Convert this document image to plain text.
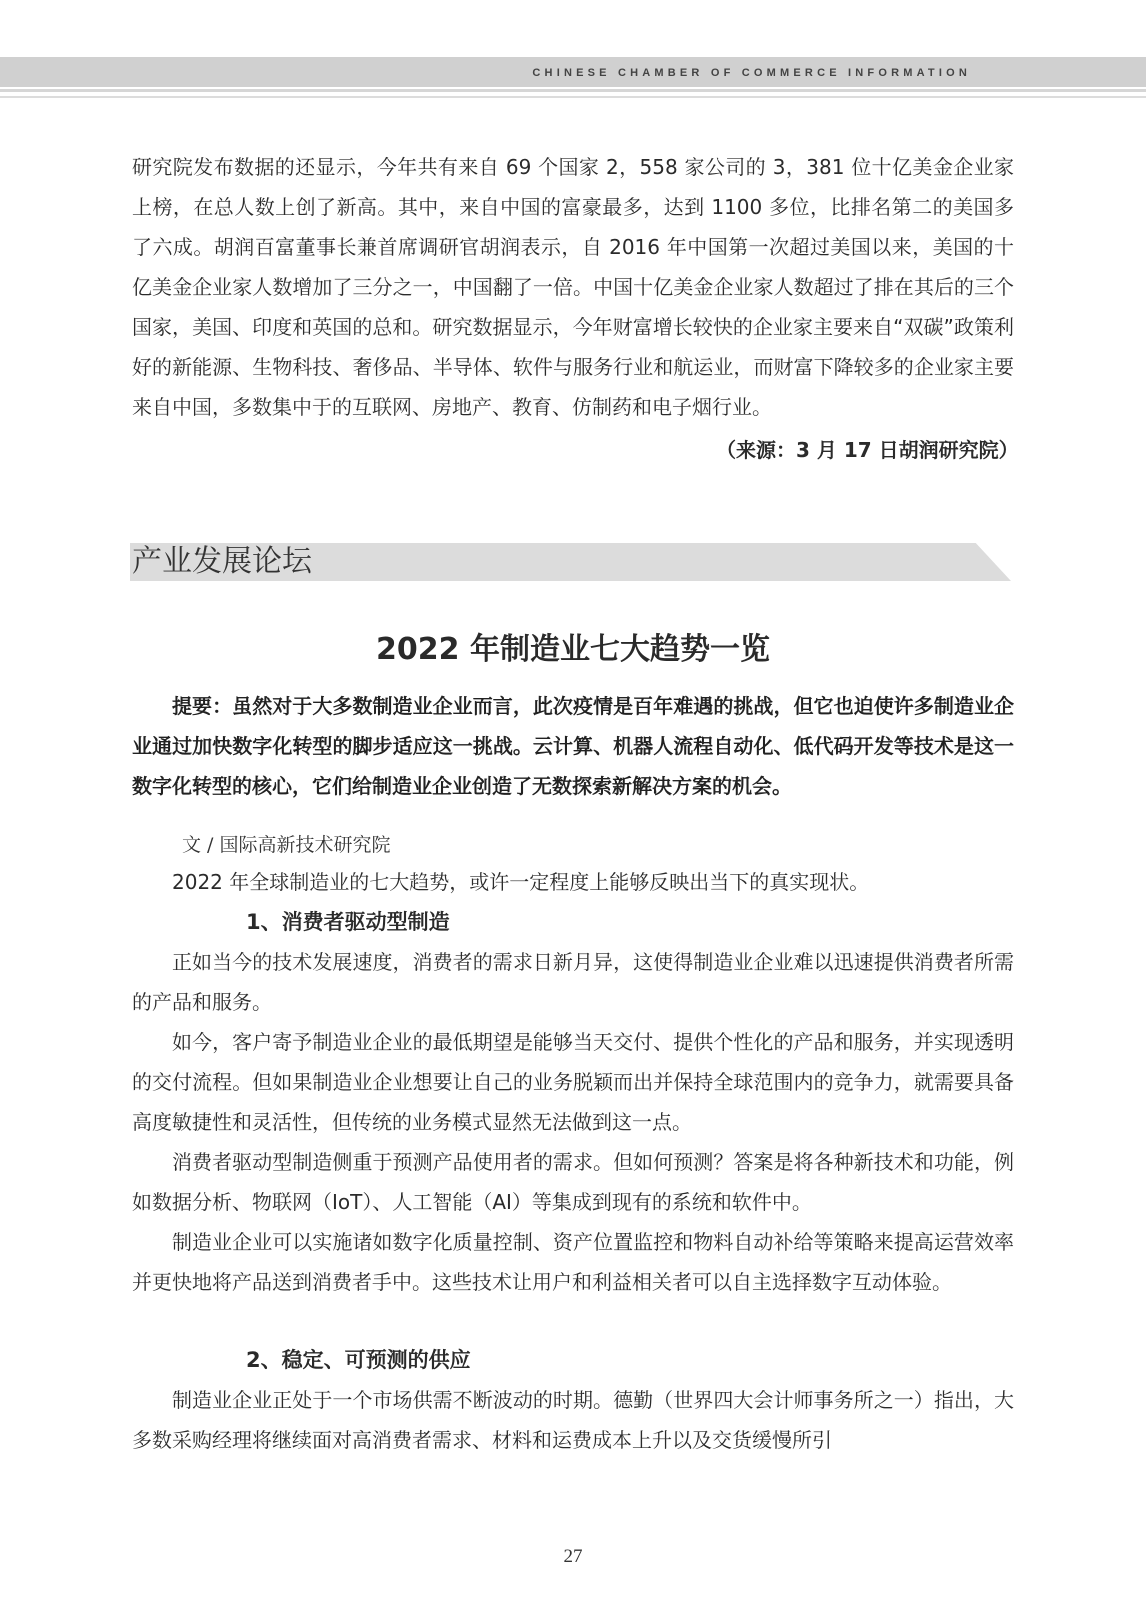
CHINESE CHAMBER OF COMMERCE INFORMATION

研究院发布数据的还显示，今年共有来自 69 个国家 2，558 家公司的 3，381 位十亿美金企业家上榜，在总人数上创了新高。其中，来自中国的富豪最多，达到 1100 多位，比排名第二的美国多了六成。胡润百富董事长兼首席调研官胡润表示，自 2016 年中国第一次超过美国以来，美国的十亿美金企业家人数增加了三分之一，中国翻了一倍。中国十亿美金企业家人数超过了排在其后的三个国家，美国、印度和英国的总和。研究数据显示，今年财富增长较快的企业家主要来自“双碳”政策利好的新能源、生物科技、奢侈品、半导体、软件与服务行业和航运业，而财富下降较多的企业家主要来自中国，多数集中于的互联网、房地产、教育、仿制药和电子烟行业。

（来源：3 月 17 日胡润研究院）
产业发展论坛
2022 年制造业七大趋势一览

提要：虽然对于大多数制造业企业而言，此次疫情是百年难遇的挑战，但它也迫使许多制造业企业通过加快数字化转型的脚步适应这一挑战。云计算、机器人流程自动化、低代码开发等技术是这一数字化转型的核心，它们给制造业企业创造了无数探索新解决方案的机会。

文 / 国际高新技术研究院

2022 年全球制造业的七大趋势，或许一定程度上能够反映出当下的真实现状。

1、消费者驱动型制造

正如当今的技术发展速度，消费者的需求日新月异，这使得制造业企业难以迅速提供消费者所需的产品和服务。

如今，客户寄予制造业企业的最低期望是能够当天交付、提供个性化的产品和服务，并实现透明的交付流程。但如果制造业企业想要让自己的业务脱颖而出并保持全球范围内的竞争力，就需要具备高度敏捷性和灵活性，但传统的业务模式显然无法做到这一点。

消费者驱动型制造侧重于预测产品使用者的需求。但如何预测？答案是将各种新技术和功能，例如数据分析、物联网（IoT）、人工智能（AI）等集成到现有的系统和软件中。

制造业企业可以实施诸如数字化质量控制、资产位置监控和物料自动补给等策略来提高运营效率并更快地将产品送到消费者手中。这些技术让用户和利益相关者可以自主选择数字互动体验。

2、稳定、可预测的供应

制造业企业正处于一个市场供需不断波动的时期。德勤（世界四大会计师事务所之一）指出，大多数采购经理将继续面对高消费者需求、材料和运费成本上升以及交货缓慢所引

27
